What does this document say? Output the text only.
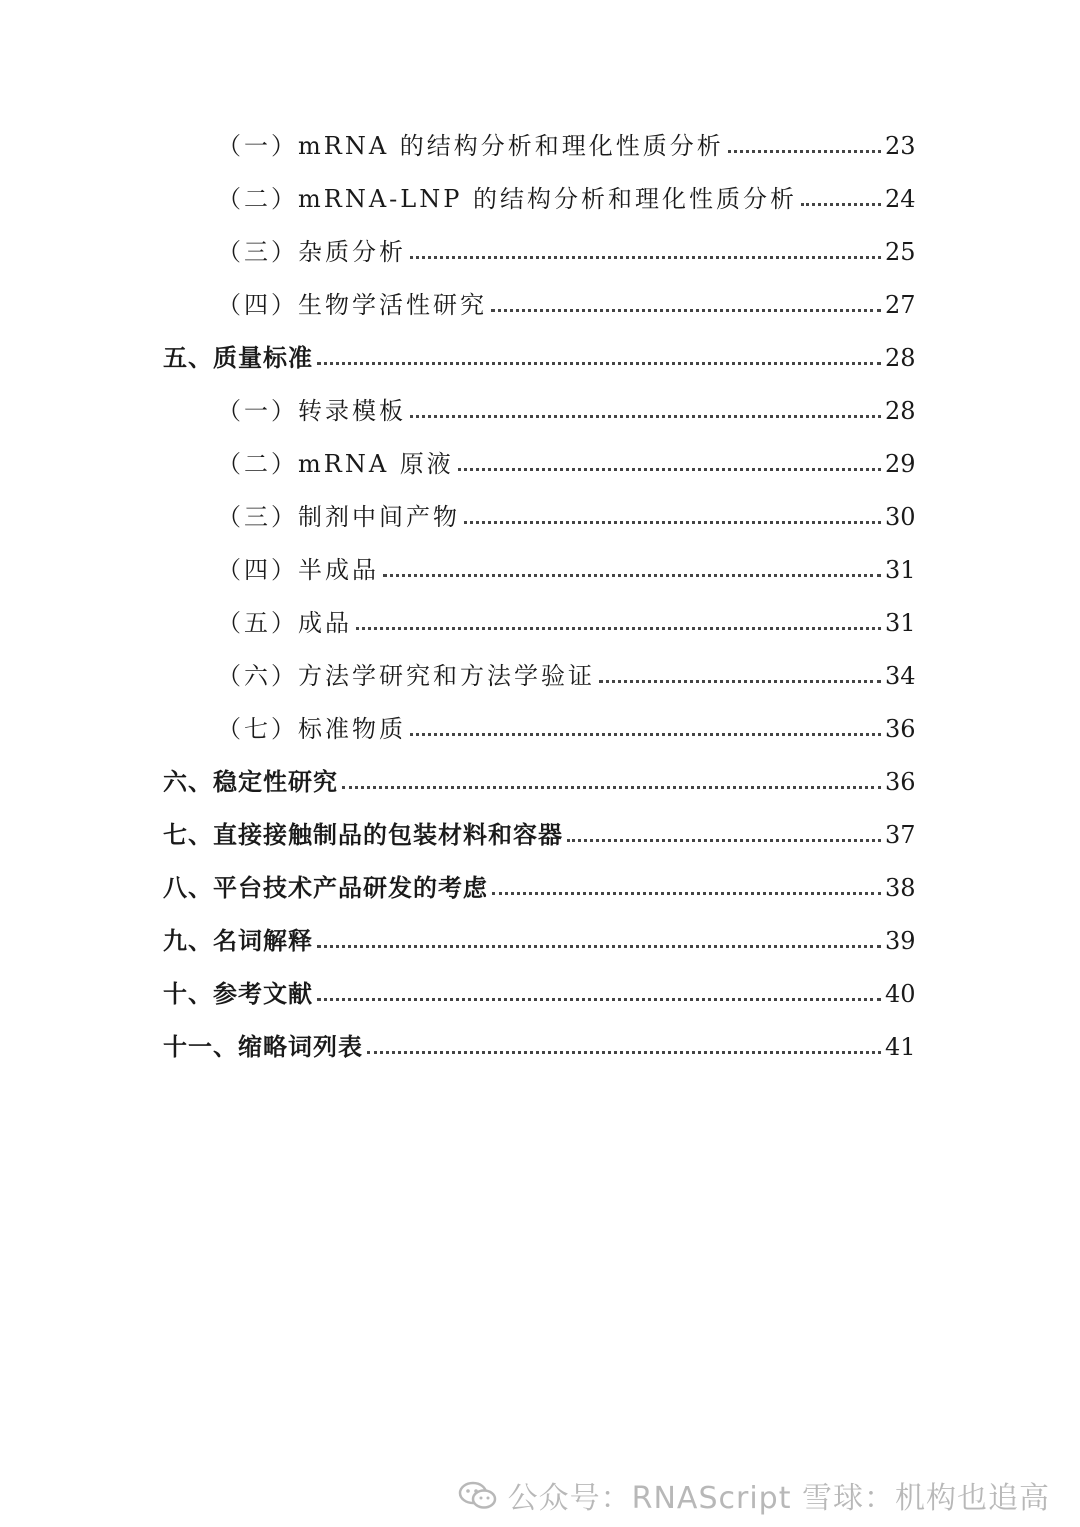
（一）mRNA 的结构分析和理化性质分析	23
（二）mRNA-LNP 的结构分析和理化性质分析	24
（三）杂质分析	25
（四）生物学活性研究	27
五、质量标准	28
（一）转录模板	28
（二）mRNA 原液	29
（三）制剂中间产物	30
（四）半成品	31
（五）成品	31
（六）方法学研究和方法学验证	34
（七）标准物质	36
六、稳定性研究	36
七、直接接触制品的包装材料和容器	37
八、平台技术产品研发的考虑	38
九、名词解释	39
十、参考文献	40
十一、缩略词列表	41
公众号：RNAScript 雪球：机构也追高
